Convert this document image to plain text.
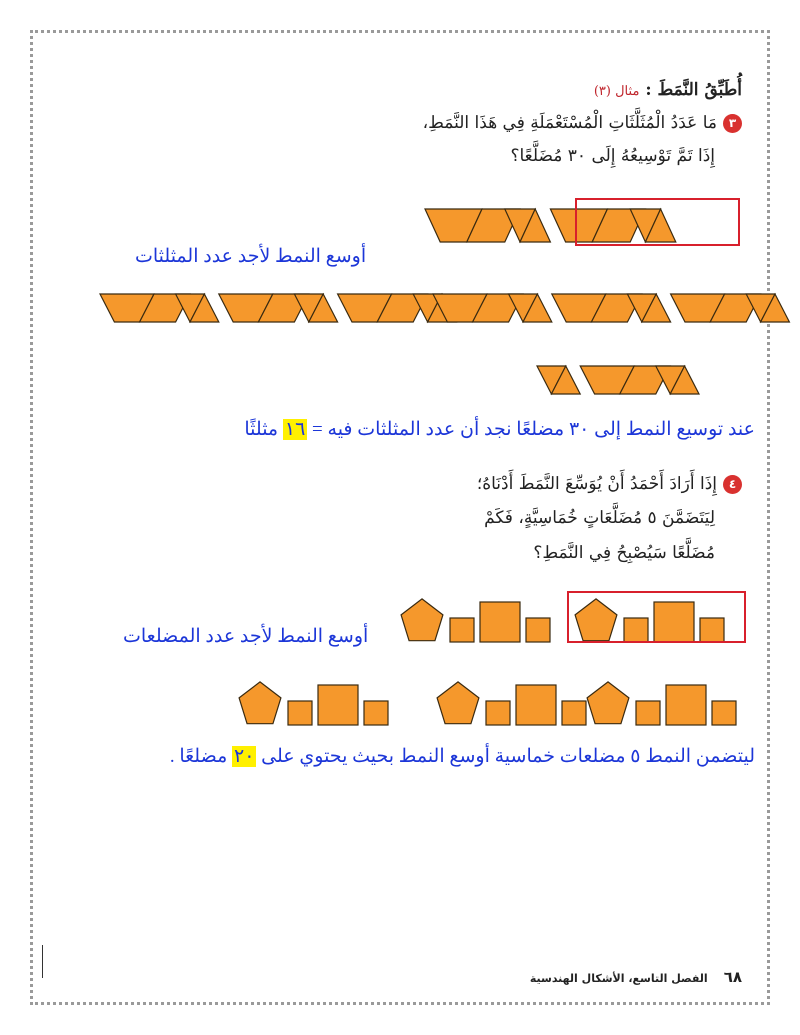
أُطَبِّقُ النَّمَطَ : مثال (٣)
٣مَا عَدَدُ الْمُثَلَّثَاتِ الْمُسْتَعْمَلَةِ فِي هَذَا النَّمَطِ،
إِذَا تَمَّ تَوْسِيعُهُ إِلَى ٣٠ مُضَلَّعًا؟
أوسع النمط لأجد عدد المثلثات
عند توسيع النمط إلى ٣٠ مضلعًا نجد أن عدد المثلثات فيه = ١٦ مثلثًا
٤إِذَا أَرَادَ أَحْمَدُ أَنْ يُوَسِّعَ النَّمَطَ أَدْنَاهُ؛
لِيَتَضَمَّنَ ٥ مُضَلَّعَاتٍ خُمَاسِيَّةٍ، فَكَمْ
مُضَلَّعًا سَيُصْبِحُ فِي النَّمَطِ؟
أوسع النمط لأجد عدد المضلعات
ليتضمن النمط ٥ مضلعات خماسية أوسع النمط بحيث يحتوي على ٢٠ مضلعًا .
٦٨الفصل التاسع، الأشكال الهندسية
